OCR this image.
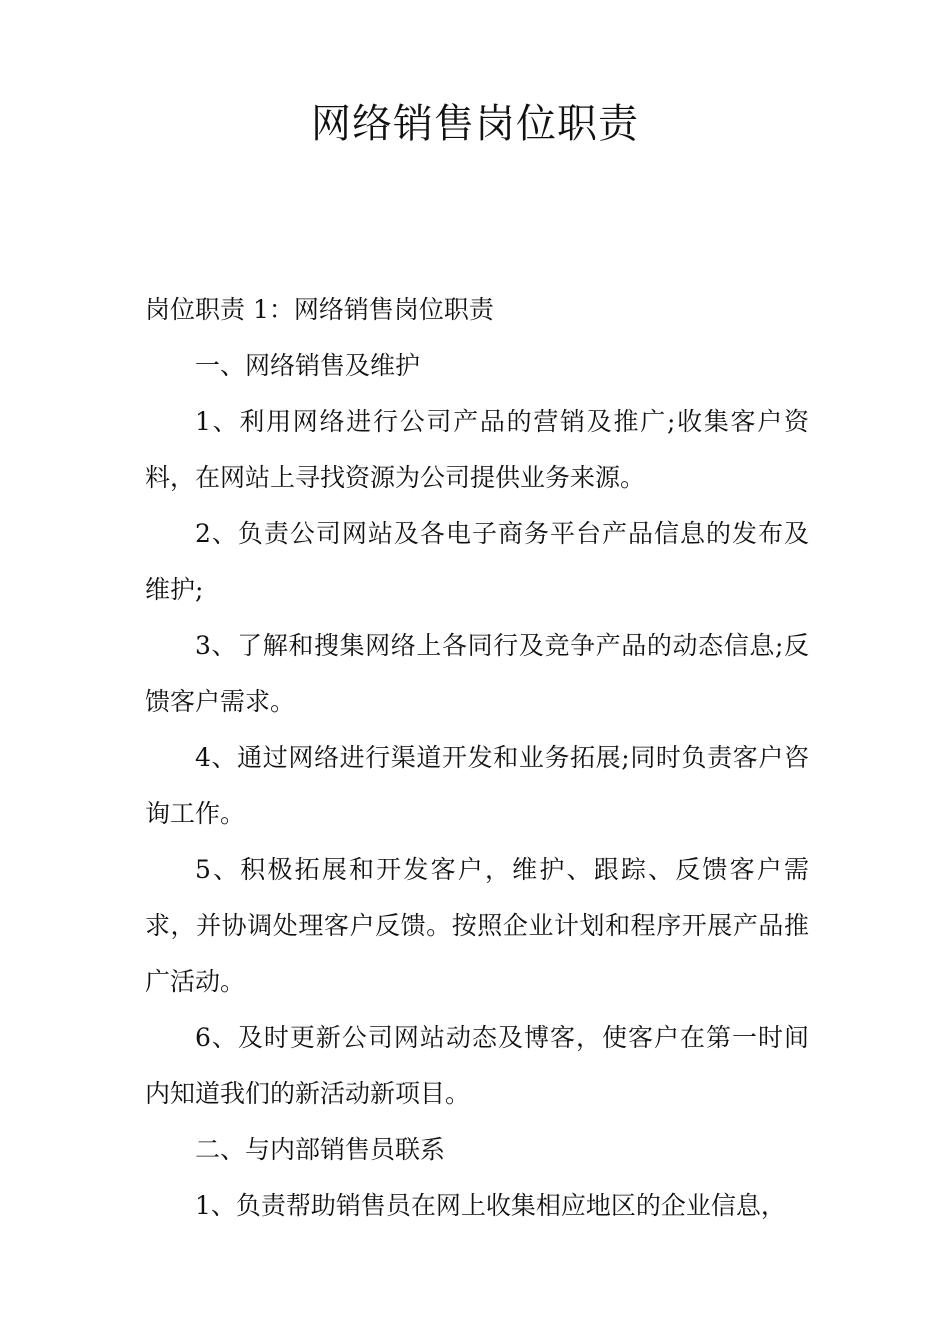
网络销售岗位职责

岗位职责 1：网络销售岗位职责

一、网络销售及维护

1、利用网络进行公司产品的营销及推广;收集客户资料，在网站上寻找资源为公司提供业务来源。

2、负责公司网站及各电子商务平台产品信息的发布及维护;

3、了解和搜集网络上各同行及竞争产品的动态信息;反馈客户需求。

4、通过网络进行渠道开发和业务拓展;同时负责客户咨询工作。

5、积极拓展和开发客户，维护、跟踪、反馈客户需求，并协调处理客户反馈。按照企业计划和程序开展产品推广活动。

6、及时更新公司网站动态及博客，使客户在第一时间内知道我们的新活动新项目。

二、与内部销售员联系

1、负责帮助销售员在网上收集相应地区的企业信息，
